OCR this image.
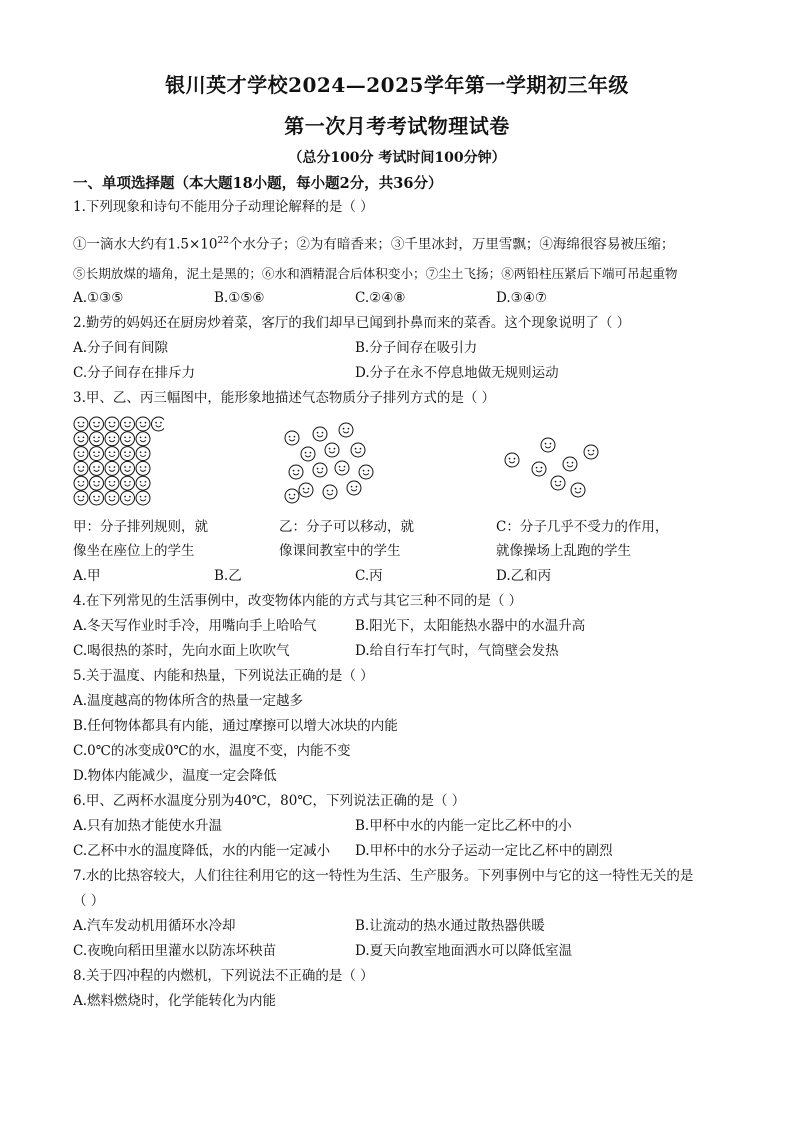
银川英才学校2024—2025学年第一学期初三年级
第一次月考考试物理试卷
（总分100分 考试时间100分钟）
一、单项选择题（本大题18小题，每小题2分，共36分）
1.下列现象和诗句不能用分子动理论解释的是（ ）
①一滴水大约有$1.5\times 10^{22}$个水分子；②为有暗香来；③千里冰封，万里雪飘；④海绵很容易被压缩；
⑤长期放煤的墙角，泥土是黑的；⑥水和酒精混合后体积变小；⑦尘土飞扬；⑧两铅柱压紧后下端可吊起重物
A.①③⑤	B.①⑤⑥	C.②④⑧	D.③④⑦
2.勤劳的妈妈还在厨房炒着菜，客厅的我们却早已闻到扑鼻而来的菜香。这个现象说明了（ ）
A.分子间有间隙	B.分子间存在吸引力
C.分子间存在排斥力	D.分子在永不停息地做无规则运动
3.甲、乙、丙三幅图中，能形象地描述气态物质分子排列方式的是（ ）
甲：分子排列规则，就
像坐在座位上的学生
乙：分子可以移动，就
像课间教室中的学生
C：分子几乎不受力的作用，
就像操场上乱跑的学生
A.甲	B.乙	C.丙	D.乙和丙
4.在下列常见的生活事例中，改变物体内能的方式与其它三种不同的是（ ）
A.冬天写作业时手冷，用嘴向手上哈哈气	B.阳光下，太阳能热水器中的水温升高
C.喝很热的茶时，先向水面上吹吹气	D.给自行车打气时，气筒壁会发热
5.关于温度、内能和热量，下列说法正确的是（ ）
A.温度越高的物体所含的热量一定越多
B.任何物体都具有内能，通过摩擦可以增大冰块的内能
C.0℃的冰变成0℃的水，温度不变，内能不变
D.物体内能减少，温度一定会降低
6.甲、乙两杯水温度分别为40℃，80℃，下列说法正确的是（ ）
A.只有加热才能使水升温	B.甲杯中水的内能一定比乙杯中的小
C.乙杯中水的温度降低，水的内能一定减小 D.甲杯中的水分子运动一定比乙杯中的剧烈
7.水的比热容较大，人们往往利用它的这一特性为生活、生产服务。下列事例中与它的这一特性无关的是
（ ）
A.汽车发动机用循环水冷却	B.让流动的热水通过散热器供暖
C.夜晚向稻田里灌水以防冻坏秧苗	D.夏天向教室地面洒水可以降低室温
8.关于四冲程的内燃机，下列说法不正确的是（ ）
A.燃料燃烧时，化学能转化为内能
